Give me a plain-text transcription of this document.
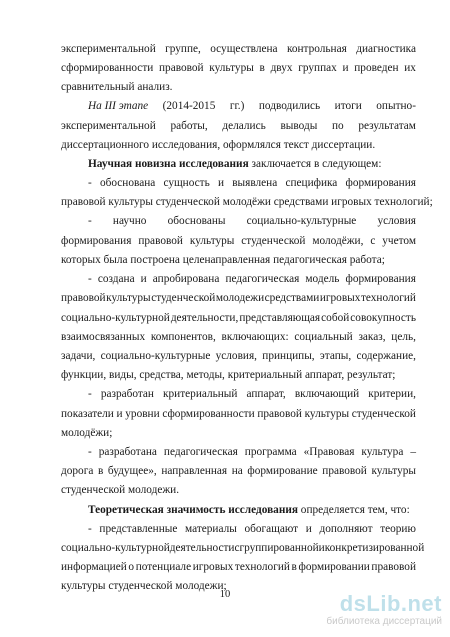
экспериментальной группе, осуществлена контрольная диагностика
сформированности правовой культуры в двух группах и проведен их
сравнительный анализ.
На III этапе (2014-2015 гг.) подводились итоги опытно-
экспериментальной работы, делались выводы по результатам
диссертационного исследования, оформлялся текст диссертации.
Научная новизна исследования заключается в следующем:
- обоснована сущность и выявлена специфика формирования
правовой культуры студенческой молодёжи средствами игровых технологий;
- научно обоснованы социально-культурные условия
формирования правовой культуры студенческой молодёжи, с учетом
которых была построена целенаправленная педагогическая работа;
- создана и апробирована педагогическая модель формирования
правовой культуры студенческой молодежи средствами игровых технологий
социально-культурной деятельности, представляющая собой совокупность
взаимосвязанных компонентов, включающих: социальный заказ, цель,
задачи, социально-культурные условия, принципы, этапы, содержание,
функции, виды, средства, методы, критериальный аппарат, результат;
- разработан критериальный аппарат, включающий критерии,
показатели и уровни сформированности правовой культуры студенческой
молодёжи;
- разработана педагогическая программа «Правовая культура –
дорога в будущее», направленная на формирование правовой культуры
студенческой молодежи.
Теоретическая значимость исследования определяется тем, что:
- представленные материалы обогащают и дополняют теорию
социально-культурной деятельности сгруппированной и конкретизированной
информацией о потенциале игровых технологий в формировании правовой
культуры студенческой молодежи;
10	dsLib.net
библиотека диссертаций
